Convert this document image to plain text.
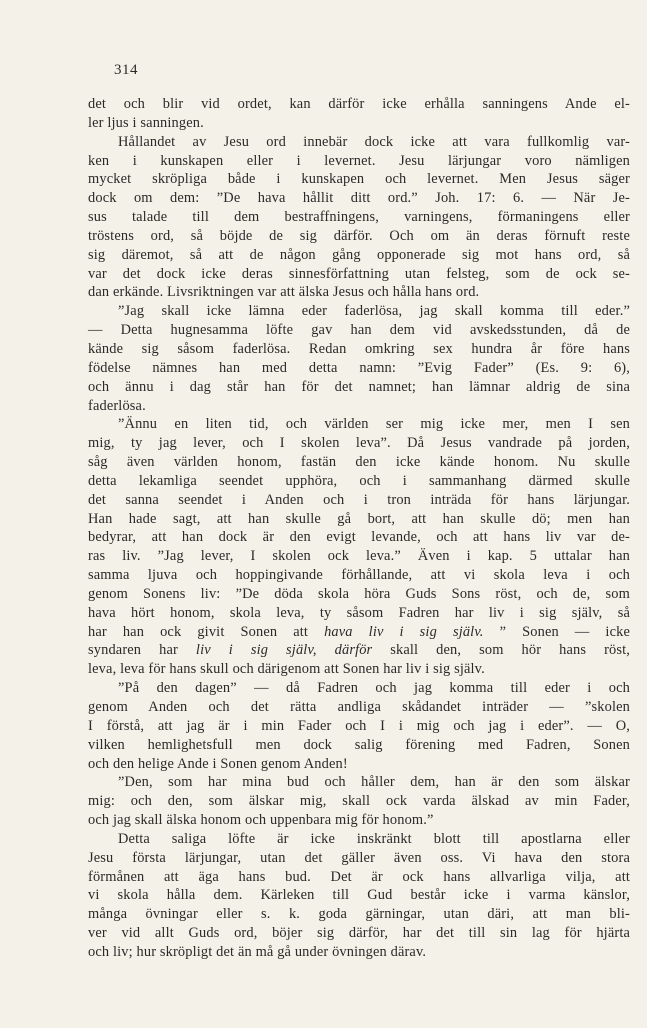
314
det och blir vid ordet, kan därför icke erhålla sanningens Ande el-
ler ljus i sanningen.
Hållandet av Jesu ord innebär dock icke att vara fullkomlig var-
ken i kunskapen eller i levernet. Jesu lärjungar voro nämligen
mycket skröpliga både i kunskapen och levernet. Men Jesus säger
dock om dem: ”De hava hållit ditt ord.” Joh. 17: 6. — När Je-
sus talade till dem bestraffningens, varningens, förmaningens eller
tröstens ord, så böjde de sig därför. Och om än deras förnuft reste
sig däremot, så att de någon gång opponerade sig mot hans ord, så
var det dock icke deras sinnesförfattning utan felsteg, som de ock se-
dan erkände. Livsriktningen var att älska Jesus och hålla hans ord.
”Jag skall icke lämna eder faderlösa, jag skall komma till eder.”
— Detta hugnesamma löfte gav han dem vid avskedsstunden, då de
kände sig såsom faderlösa. Redan omkring sex hundra år före hans
födelse nämnes han med detta namn: ”Evig Fader” (Es. 9: 6),
och ännu i dag står han för det namnet; han lämnar aldrig de sina
faderlösa.
”Ännu en liten tid, och världen ser mig icke mer, men I sen
mig, ty jag lever, och I skolen leva”. Då Jesus vandrade på jorden,
såg även världen honom, fastän den icke kände honom. Nu skulle
detta lekamliga seendet upphöra, och i sammanhang därmed skulle
det sanna seendet i Anden och i tron inträda för hans lärjungar.
Han hade sagt, att han skulle gå bort, att han skulle dö; men han
bedyrar, att han dock är den evigt levande, och att hans liv var de-
ras liv. ”Jag lever, I skolen ock leva.” Även i kap. 5 uttalar han
samma ljuva och hoppingivande förhållande, att vi skola leva i och
genom Sonens liv: ”De döda skola höra Guds Sons röst, och de, som
hava hört honom, skola leva, ty såsom Fadren har liv i sig själv, så
har han ock givit Sonen att hava liv i sig själv. ” Sonen — icke
syndaren har liv i sig själv, därför skall den, som hör hans röst,
leva, leva för hans skull och därigenom att Sonen har liv i sig själv.
”På den dagen” — då Fadren och jag komma till eder i och
genom Anden och det rätta andliga skådandet inträder — ”skolen
I förstå, att jag är i min Fader och I i mig och jag i eder”. — O,
vilken hemlighetsfull men dock salig förening med Fadren, Sonen
och den helige Ande i Sonen genom Anden!
”Den, som har mina bud och håller dem, han är den som älskar
mig: och den, som älskar mig, skall ock varda älskad av min Fader,
och jag skall älska honom och uppenbara mig för honom.”
Detta saliga löfte är icke inskränkt blott till apostlarna eller
Jesu första lärjungar, utan det gäller även oss. Vi hava den stora
förmånen att äga hans bud. Det är ock hans allvarliga vilja, att
vi skola hålla dem. Kärleken till Gud består icke i varma känslor,
många övningar eller s. k. goda gärningar, utan däri, att man bli-
ver vid allt Guds ord, böjer sig därför, har det till sin lag för hjärta
och liv; hur skröpligt det än må gå under övningen därav.
